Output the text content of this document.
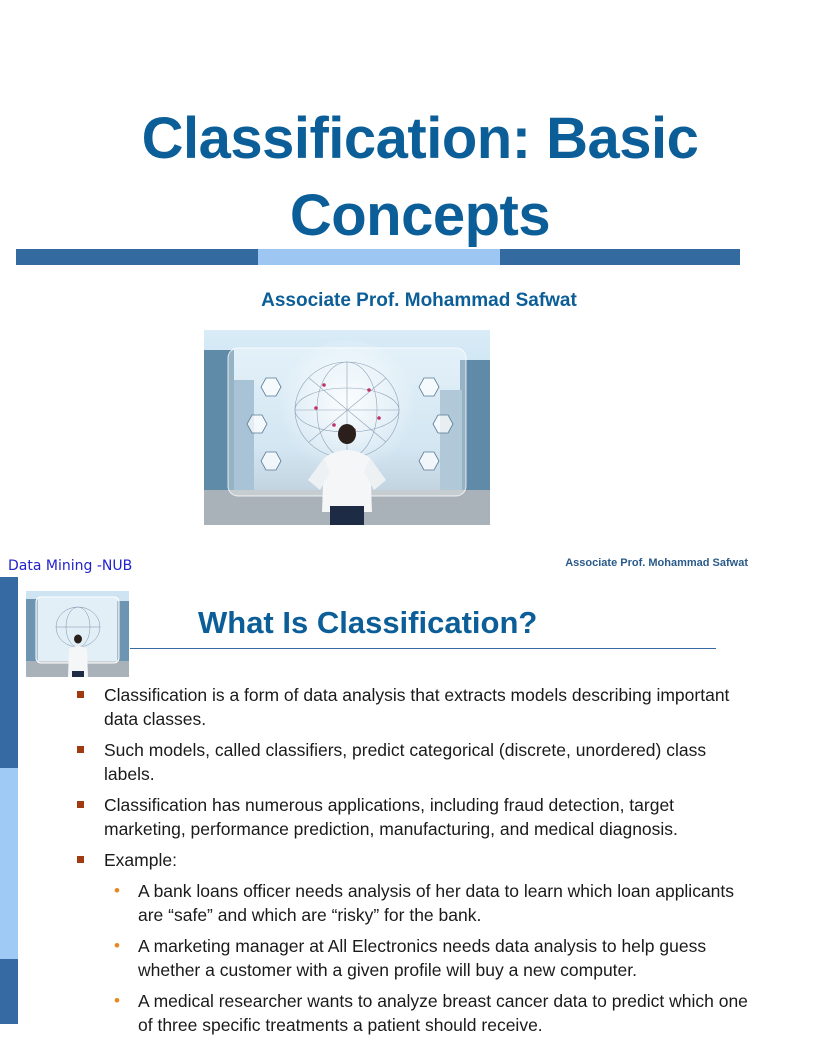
Classification: Basic
Concepts
Associate Prof. Mohammad Safwat
Data Mining -NUB	Associate Prof. Mohammad Safwat
What Is Classification?
Classification is a form of data analysis that extracts models describing important data classes.
Such models, called classifiers, predict categorical (discrete, unordered) class labels.
Classification has numerous applications, including fraud detection, target marketing, performance prediction, manufacturing, and medical diagnosis.
Example:
• A bank loans officer needs analysis of her data to learn which loan applicants are “safe” and which are “risky” for the bank.
• A marketing manager at All Electronics needs data analysis to help guess whether a customer with a given profile will buy a new computer.
• A medical researcher wants to analyze breast cancer data to predict which one of three specific treatments a patient should receive.
